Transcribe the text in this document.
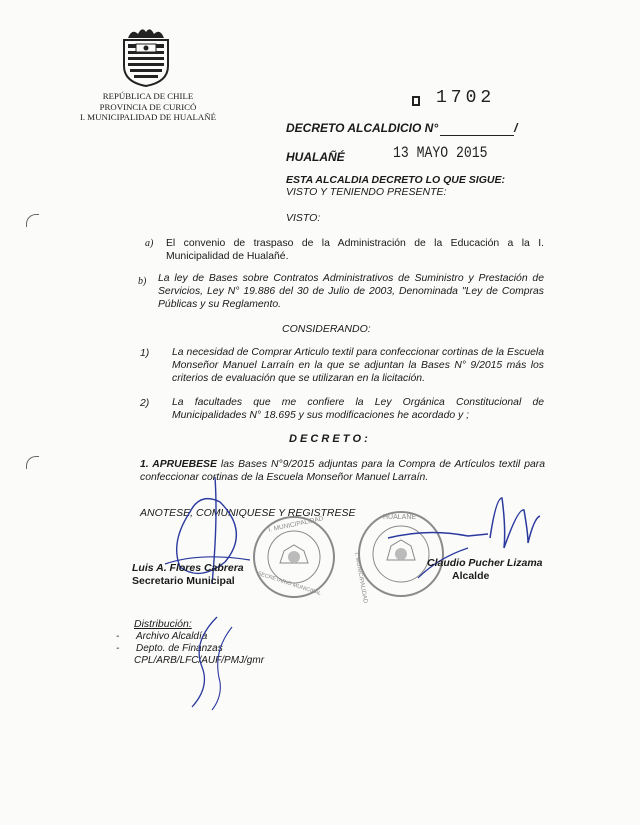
REPÚBLICA DE CHILE
PROVINCIA DE CURICÓ
I. MUNICIPALIDAD DE HUALAÑÉ
1702
DECRETO ALCALDICIO N°	/
HUALAÑÉ	13 MAYO 2015
ESTA ALCALDIA DECRETO LO QUE SIGUE:
VISTO Y TENIENDO PRESENTE:
VISTO:
a) El convenio de traspaso de la Administración de la Educación a la I. Municipalidad de Hualañé.
b) La ley de Bases sobre Contratos Administrativos de Suministro y Prestación de Servicios, Ley N° 19.886 del 30 de Julio de 2003, Denominada "Ley de Compras Públicas y su Reglamento.
CONSIDERANDO:
1) La necesidad de Comprar Articulo textil para confeccionar cortinas de la Escuela Monseñor Manuel Larraín en la que se adjuntan la Bases N° 9/2015 más los criterios de evaluación que se utilizaran en la licitación.
2) La facultades que me confiere la Ley Orgánica Constitucional de Municipalidades N° 18.695 y sus modificaciones he acordado y ;
D E C R E T O :
1. APRUEBESE las Bases N°9/2015 adjuntas para la Compra de Artículos textil para confeccionar cortinas de la Escuela Monseñor Manuel Larraín.
ANOTESE, COMUNIQUESE Y REGISTRESE
I. MUNICIPALIDAD
SECRETARIO MUNICIPAL
HUALAÑE
I. MUNICIPALIDAD
Luis A. Flores Cabrera
Secretario Municipal
Claudio Pucher Lizama
Alcalde
Distribución:
-      Archivo Alcaldía
-      Depto. de Finanzas
CPL/ARB/LFC/AUF/PMJ/gmr
